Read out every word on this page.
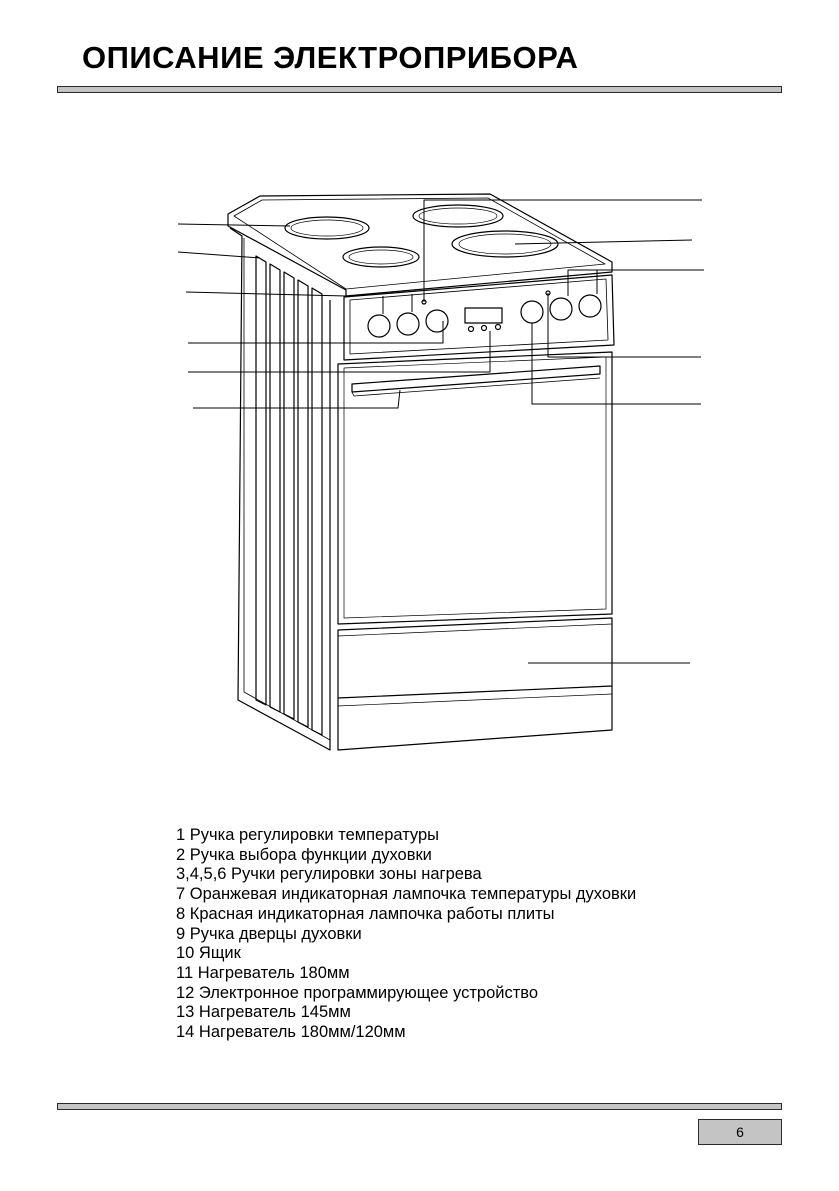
ОПИСАНИЕ ЭЛЕКТРОПРИБОРА
1 Ручка регулировки температуры
2 Ручка выбора функции духовки
3,4,5,6 Ручки регулировки зоны нагрева
7 Оранжевая индикаторная лампочка температуры духовки
8 Красная индикаторная лампочка работы плиты
9 Ручка дверцы духовки
10 Ящик
11 Нагреватель 180мм
12 Электронное программирующее устройство
13 Нагреватель 145мм
14 Нагреватель 180мм/120мм
6
